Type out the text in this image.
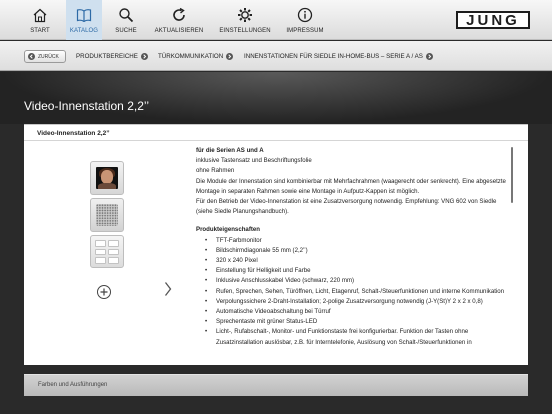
START	KATALOG	SUCHE	AKTUALISIEREN	EINSTELLUNGEN	IMPRESSUM
JUNG
ZURÜCK	PRODUKTBEREICHE	TÜRKOMMUNIKATION	INNENSTATIONEN FÜR SIEDLE IN-HOME-BUS – SERIE A / AS
Video-Innenstation 2,2’’
Video-Innenstation 2,2’’
für die Serien AS und A
inklusive Tastensatz und Beschriftungsfolie
ohne Rahmen
Die Module der Innenstation sind kombinierbar mit Mehrfachrahmen (waagerecht oder senkrecht). Eine abgesetzte Montage in separaten Rahmen sowie eine Montage in Aufputz-Kappen ist möglich.
Für den Betrieb der Video-Innenstation ist eine Zusatzversorgung notwendig. Empfehlung: VNG 602 von Siedle (siehe Siedle Planungshandbuch).
Produkteigenschaften
• TFT-Farbmonitor
• Bildschirmdiagonale 55 mm (2,2’’)
• 320 x 240 Pixel
• Einstellung für Helligkeit und Farbe
• Inklusive Anschlusskabel Video (schwarz, 220 mm)
• Rufen, Sprechen, Sehen, Türöffnen, Licht, Etagenruf, Schalt-/Steuerfunktionen und interne Kommunikation
• Verpolungssichere 2-Draht-Installation; 2-polige Zusatzversorgung notwendig (J-Y(St)Y 2 x 2 x 0,8)
• Automatische Videoabschaltung bei Türruf
• Sprechentaste mit grüner Status-LED
• Licht-, Rufabschalt-, Monitor- und Funktionstaste frei konfigurierbar. Funktion der Tasten ohne Zusatzinstallation auslösbar, z.B. für Interntelefonie, Auslösung von Schalt-/Steuerfunktionen in
Farben und Ausführungen
